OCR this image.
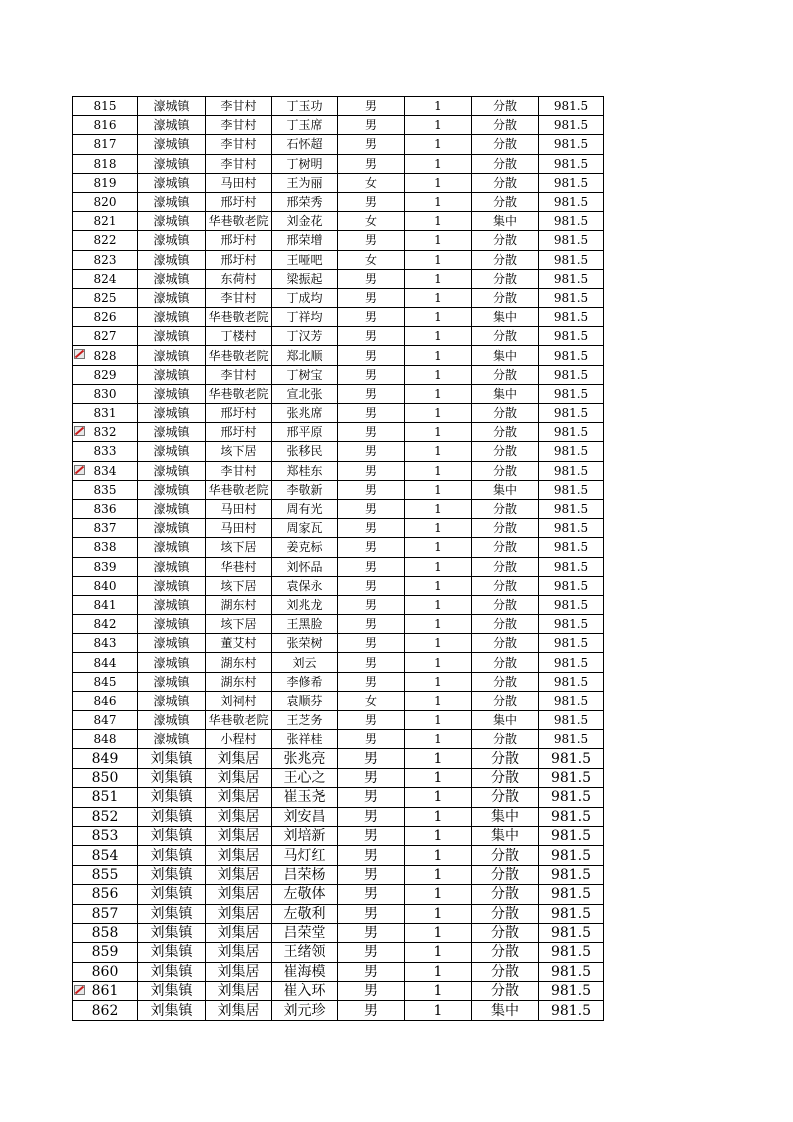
815	濠城镇	李甘村	丁玉功	男	1	分散	981.5
816	濠城镇	李甘村	丁玉席	男	1	分散	981.5
817	濠城镇	李甘村	石怀超	男	1	分散	981.5
818	濠城镇	李甘村	丁树明	男	1	分散	981.5
819	濠城镇	马田村	王为丽	女	1	分散	981.5
820	濠城镇	邢圩村	邢荣秀	男	1	分散	981.5
821	濠城镇	华巷敬老院	刘金花	女	1	集中	981.5
822	濠城镇	邢圩村	邢荣增	男	1	分散	981.5
823	濠城镇	邢圩村	王哑吧	女	1	分散	981.5
824	濠城镇	东荷村	梁振起	男	1	分散	981.5
825	濠城镇	李甘村	丁成均	男	1	分散	981.5
826	濠城镇	华巷敬老院	丁祥均	男	1	集中	981.5
827	濠城镇	丁楼村	丁汉芳	男	1	分散	981.5
828	濠城镇	华巷敬老院	郑北顺	男	1	集中	981.5
829	濠城镇	李甘村	丁树宝	男	1	分散	981.5
830	濠城镇	华巷敬老院	宣北张	男	1	集中	981.5
831	濠城镇	邢圩村	张兆席	男	1	分散	981.5
832	濠城镇	邢圩村	邢平原	男	1	分散	981.5
833	濠城镇	垓下居	张移民	男	1	分散	981.5
834	濠城镇	李甘村	郑桂东	男	1	分散	981.5
835	濠城镇	华巷敬老院	李敬新	男	1	集中	981.5
836	濠城镇	马田村	周有光	男	1	分散	981.5
837	濠城镇	马田村	周家瓦	男	1	分散	981.5
838	濠城镇	垓下居	姜克标	男	1	分散	981.5
839	濠城镇	华巷村	刘怀品	男	1	分散	981.5
840	濠城镇	垓下居	袁保永	男	1	分散	981.5
841	濠城镇	湖东村	刘兆龙	男	1	分散	981.5
842	濠城镇	垓下居	王黑脸	男	1	分散	981.5
843	濠城镇	董艾村	张荣树	男	1	分散	981.5
844	濠城镇	湖东村	刘云	男	1	分散	981.5
845	濠城镇	湖东村	李修希	男	1	分散	981.5
846	濠城镇	刘祠村	袁顺芬	女	1	分散	981.5
847	濠城镇	华巷敬老院	王芝务	男	1	集中	981.5
848	濠城镇	小程村	张祥桂	男	1	分散	981.5
849	刘集镇	刘集居	张兆亮	男	1	分散	981.5
850	刘集镇	刘集居	王心之	男	1	分散	981.5
851	刘集镇	刘集居	崔玉尧	男	1	分散	981.5
852	刘集镇	刘集居	刘安昌	男	1	集中	981.5
853	刘集镇	刘集居	刘培新	男	1	集中	981.5
854	刘集镇	刘集居	马灯红	男	1	分散	981.5
855	刘集镇	刘集居	吕荣杨	男	1	分散	981.5
856	刘集镇	刘集居	左敬体	男	1	分散	981.5
857	刘集镇	刘集居	左敬利	男	1	分散	981.5
858	刘集镇	刘集居	吕荣堂	男	1	分散	981.5
859	刘集镇	刘集居	王绪领	男	1	分散	981.5
860	刘集镇	刘集居	崔海模	男	1	分散	981.5
861	刘集镇	刘集居	崔入环	男	1	分散	981.5
862	刘集镇	刘集居	刘元珍	男	1	集中	981.5
